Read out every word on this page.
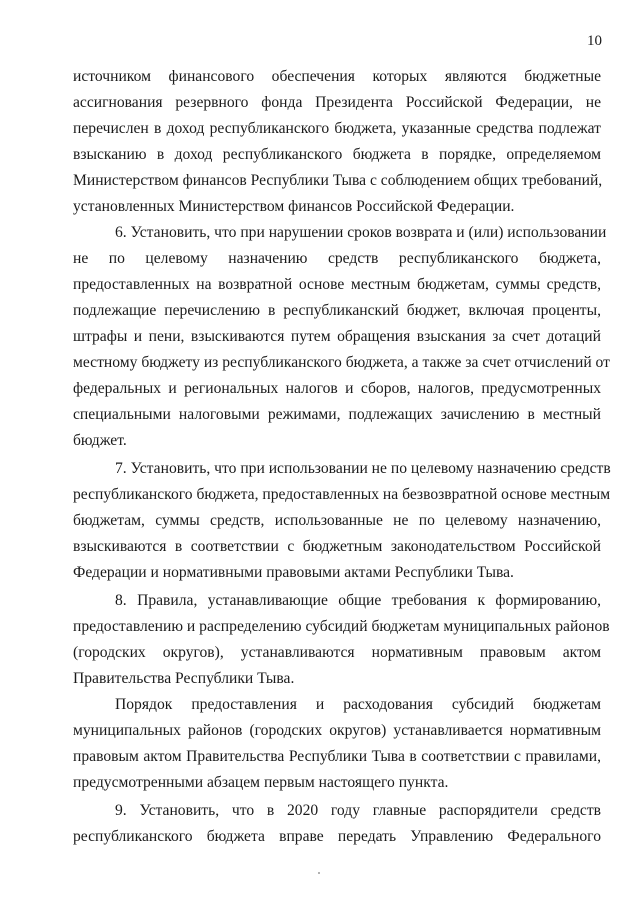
10
источником финансового обеспечения которых являются бюджетные
ассигнования резервного фонда Президента Российской Федерации, не
перечислен в доход республиканского бюджета, указанные средства подлежат
взысканию в доход республиканского бюджета в порядке, определяемом
Министерством финансов Республики Тыва с соблюдением общих требований,
установленных Министерством финансов Российской Федерации.
6. Установить, что при нарушении сроков возврата и (или) использовании
не по целевому назначению средств республиканского бюджета,
предоставленных на возвратной основе местным бюджетам, суммы средств,
подлежащие перечислению в республиканский бюджет, включая проценты,
штрафы и пени, взыскиваются путем обращения взыскания за счет дотаций
местному бюджету из республиканского бюджета, а также за счет отчислений от
федеральных и региональных налогов и сборов, налогов, предусмотренных
специальными налоговыми режимами, подлежащих зачислению в местный
бюджет.
7. Установить, что при использовании не по целевому назначению средств
республиканского бюджета, предоставленных на безвозвратной основе местным
бюджетам, суммы средств, использованные не по целевому назначению,
взыскиваются в соответствии с бюджетным законодательством Российской
Федерации и нормативными правовыми актами Республики Тыва.
8. Правила, устанавливающие общие требования к формированию,
предоставлению и распределению субсидий бюджетам муниципальных районов
(городских округов), устанавливаются нормативным правовым актом
Правительства Республики Тыва.
Порядок предоставления и расходования субсидий бюджетам
муниципальных районов (городских округов) устанавливается нормативным
правовым актом Правительства Республики Тыва в соответствии с правилами,
предусмотренными абзацем первым настоящего пункта.
9. Установить, что в 2020 году главные распорядители средств
республиканского бюджета вправе передать Управлению Федерального
